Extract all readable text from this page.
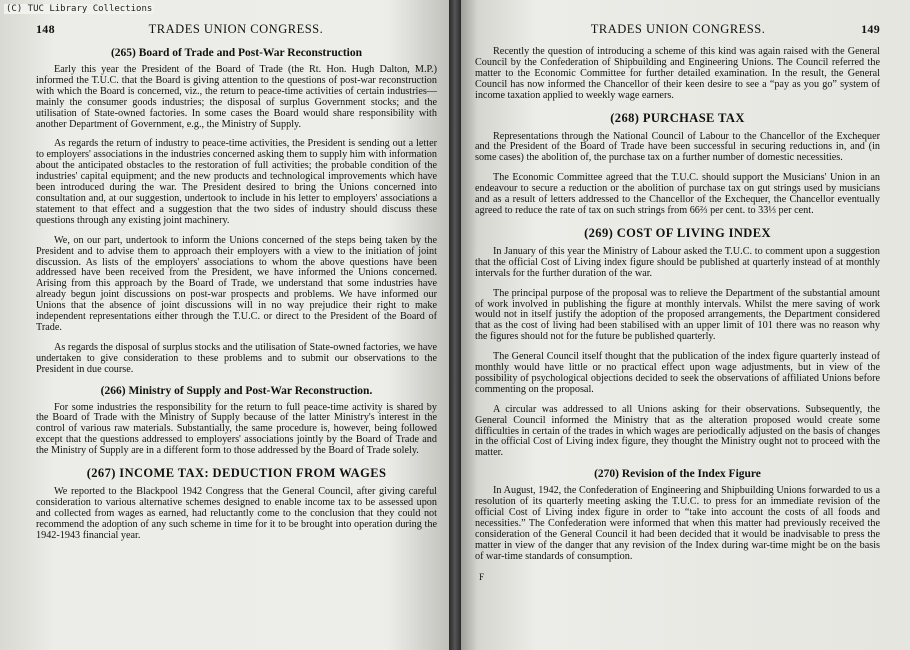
148	TRADES UNION CONGRESS.
(265) Board of Trade and Post-War Reconstruction

Early this year the President of the Board of Trade (the Rt. Hon. Hugh Dalton, M.P.) informed the T.U.C. that the Board is giving attention to the questions of post-war reconstruction with which the Board is concerned, viz., the return to peace-time activities of certain industries—mainly the consumer goods industries; the disposal of surplus Government stocks; and the utilisation of State-owned factories. In some cases the Board would share responsibility with another Department of Government, e.g., the Ministry of Supply.

As regards the return of industry to peace-time activities, the President is sending out a letter to employers' associations in the industries concerned asking them to supply him with information about the anticipated obstacles to the restoration of full activities; the probable condition of the industries' capital equipment; and the new products and technological improvements which have been introduced during the war. The President desired to bring the Unions concerned into consultation and, at our suggestion, undertook to include in his letter to employers' associations a statement to that effect and a suggestion that the two sides of industry should discuss these questions through any existing joint machinery.

We, on our part, undertook to inform the Unions concerned of the steps being taken by the President and to advise them to approach their employers with a view to the initiation of joint discussion. As lists of the employers' associations to whom the above questions have been addressed have been received from the President, we have informed the Unions concerned. Arising from this approach by the Board of Trade, we understand that some industries have already begun joint discussions on post-war prospects and problems. We have informed our Unions that the absence of joint discussions will in no way prejudice their right to make independent representations either through the T.U.C. or direct to the President of the Board of Trade.

As regards the disposal of surplus stocks and the utilisation of State-owned factories, we have undertaken to give consideration to these problems and to submit our observations to the President in due course.

(266) Ministry of Supply and Post-War Reconstruction.

For some industries the responsibility for the return to full peace-time activity is shared by the Board of Trade with the Ministry of Supply because of the latter Ministry's interest in the control of various raw materials. Substantially, the same procedure is, however, being followed except that the questions addressed to employers' associations jointly by the Board of Trade and the Ministry of Supply are in a different form to those addressed by the Board of Trade solely.

(267) INCOME TAX: DEDUCTION FROM WAGES

We reported to the Blackpool 1942 Congress that the General Council, after giving careful consideration to various alternative schemes designed to enable income tax to be assessed upon and collected from wages as earned, had reluctantly come to the conclusion that they could not recommend the adoption of any such scheme in time for it to be brought into operation during the 1942-1943 financial year.

TRADES UNION CONGRESS.	149

Recently the question of introducing a scheme of this kind was again raised with the General Council by the Confederation of Shipbuilding and Engineering Unions. The Council referred the matter to the Economic Committee for further detailed examination. In the result, the General Council has now informed the Chancellor of their keen desire to see a “pay as you go” system of income taxation applied to weekly wage earners.

(268) PURCHASE TAX

Representations through the National Council of Labour to the Chancellor of the Exchequer and the President of the Board of Trade have been successful in securing reductions in, and (in some cases) the abolition of, the purchase tax on a further number of domestic necessities.

The Economic Committee agreed that the T.U.C. should support the Musicians' Union in an endeavour to secure a reduction or the abolition of purchase tax on gut strings used by musicians and as a result of letters addressed to the Chancellor of the Exchequer, the Chancellor eventually agreed to reduce the rate of tax on such strings from 66⅔ per cent. to 33⅓ per cent.

(269) COST OF LIVING INDEX

In January of this year the Ministry of Labour asked the T.U.C. to comment upon a suggestion that the official Cost of Living index figure should be published at quarterly instead of at monthly intervals for the further duration of the war.

The principal purpose of the proposal was to relieve the Department of the substantial amount of work involved in publishing the figure at monthly intervals. Whilst the mere saving of work would not in itself justify the adoption of the proposed arrangements, the Department considered that as the cost of living had been stabilised with an upper limit of 101 there was no reason why the figures should not for the future be published quarterly.

The General Council itself thought that the publication of the index figure quarterly instead of monthly would have little or no practical effect upon wage adjustments, but in view of the possibility of psychological objections decided to seek the observations of affiliated Unions before commenting on the proposal.

A circular was addressed to all Unions asking for their observations. Subsequently, the General Council informed the Ministry that as the alteration proposed would create some difficulties in certain of the trades in which wages are periodically adjusted on the basis of changes in the official Cost of Living index figure, they thought the Ministry ought not to proceed with the matter.

(270) Revision of the Index Figure

In August, 1942, the Confederation of Engineering and Shipbuilding Unions forwarded to us a resolution of its quarterly meeting asking the T.U.C. to press for an immediate revision of the official Cost of Living index figure in order to “take into account the costs of all foods and necessities.” The Confederation were informed that when this matter had previously received the consideration of the General Council it had been decided that it would be inadvisable to press the matter in view of the danger that any revision of the Index during war-time might be on the basis of war-time standards of consumption.

F
(C) TUC Library Collections
